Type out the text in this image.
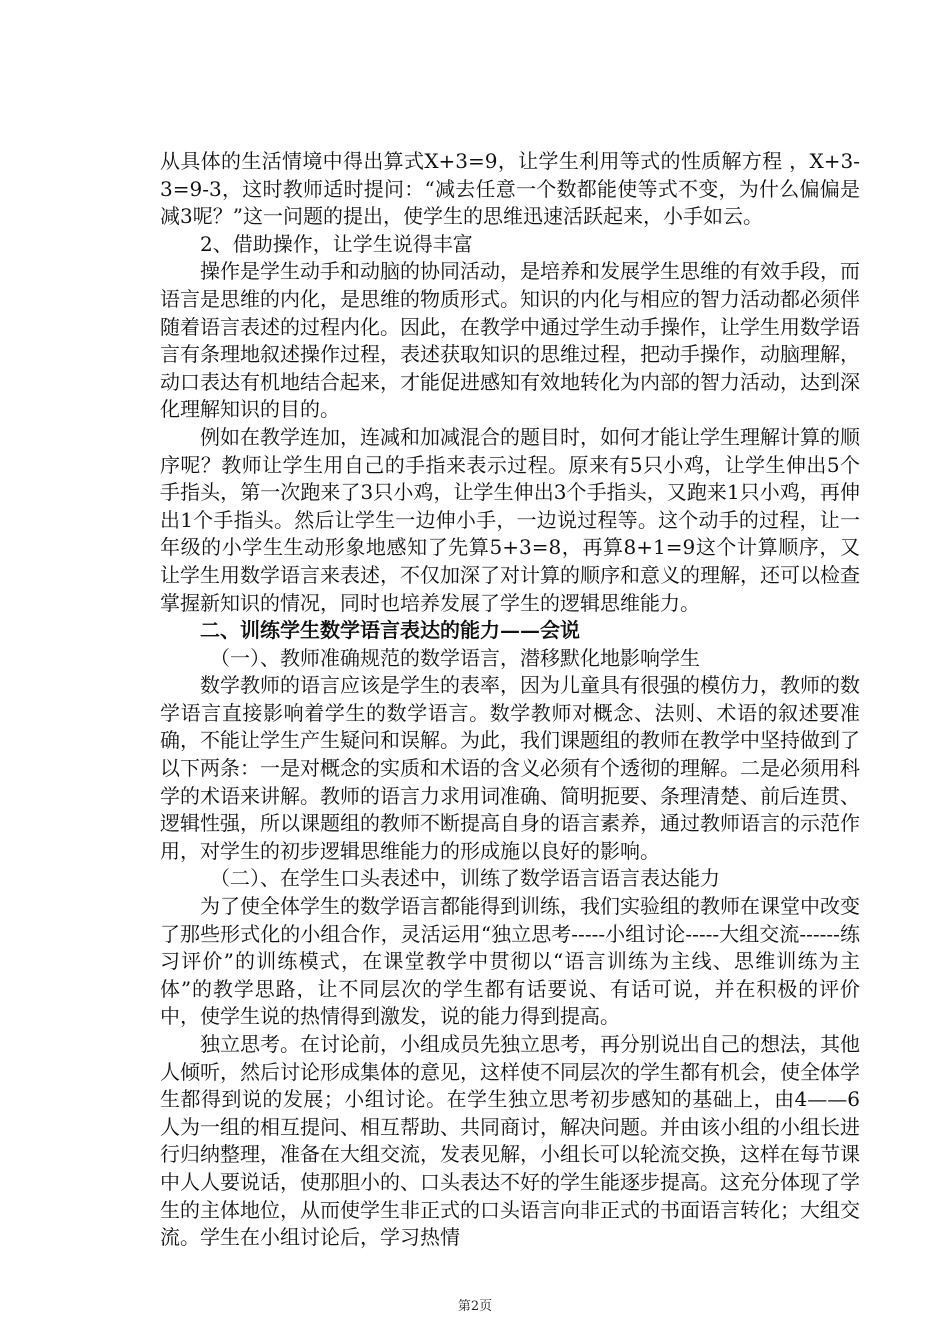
从具体的生活情境中得出算式X+3=9，让学生利用等式的性质解方程 ，X+3-3=9-3，这时教师适时提问：“减去任意一个数都能使等式不变，为什么偏偏是减3呢？”这一问题的提出，使学生的思维迅速活跃起来，小手如云。

2、借助操作，让学生说得丰富

操作是学生动手和动脑的协同活动，是培养和发展学生思维的有效手段，而语言是思维的内化，是思维的物质形式。知识的内化与相应的智力活动都必须伴随着语言表述的过程内化。因此，在教学中通过学生动手操作，让学生用数学语言有条理地叙述操作过程，表述获取知识的思维过程，把动手操作，动脑理解，动口表达有机地结合起来，才能促进感知有效地转化为内部的智力活动，达到深化理解知识的目的。

例如在教学连加，连减和加减混合的题目时，如何才能让学生理解计算的顺序呢？教师让学生用自己的手指来表示过程。原来有5只小鸡，让学生伸出5个手指头，第一次跑来了3只小鸡，让学生伸出3个手指头，又跑来1只小鸡，再伸出1个手指头。然后让学生一边伸小手，一边说过程等。这个动手的过程，让一年级的小学生生动形象地感知了先算5+3=8，再算8+1=9这个计算顺序，又让学生用数学语言来表述，不仅加深了对计算的顺序和意义的理解，还可以检查掌握新知识的情况，同时也培养发展了学生的逻辑思维能力。

二、训练学生数学语言表达的能力——会说

（一）、教师准确规范的数学语言，潜移默化地影响学生

数学教师的语言应该是学生的表率，因为儿童具有很强的模仿力，教师的数学语言直接影响着学生的数学语言。数学教师对概念、法则、术语的叙述要准确，不能让学生产生疑问和误解。为此，我们课题组的教师在教学中坚持做到了以下两条：一是对概念的实质和术语的含义必须有个透彻的理解。二是必须用科学的术语来讲解。教师的语言力求用词准确、简明扼要、条理清楚、前后连贯、逻辑性强，所以课题组的教师不断提高自身的语言素养，通过教师语言的示范作用，对学生的初步逻辑思维能力的形成施以良好的影响。

（二）、在学生口头表述中，训练了数学语言语言表达能力

为了使全体学生的数学语言都能得到训练，我们实验组的教师在课堂中改变了那些形式化的小组合作，灵活运用“独立思考-----小组讨论-----大组交流------练习评价”的训练模式，在课堂教学中贯彻以“语言训练为主线、思维训练为主体”的教学思路，让不同层次的学生都有话要说、有话可说，并在积极的评价中，使学生说的热情得到激发，说的能力得到提高。

独立思考。在讨论前，小组成员先独立思考，再分别说出自己的想法，其他人倾听，然后讨论形成集体的意见，这样使不同层次的学生都有机会，使全体学生都得到说的发展；小组讨论。在学生独立思考初步感知的基础上，由4——6人为一组的相互提问、相互帮助、共同商讨，解决问题。并由该小组的小组长进行归纳整理，准备在大组交流，发表见解，小组长可以轮流交换，这样在每节课中人人要说话，使那胆小的、口头表达不好的学生能逐步提高。这充分体现了学生的主体地位，从而使学生非正式的口头语言向非正式的书面语言转化；大组交流。学生在小组讨论后，学习热情

第2页
